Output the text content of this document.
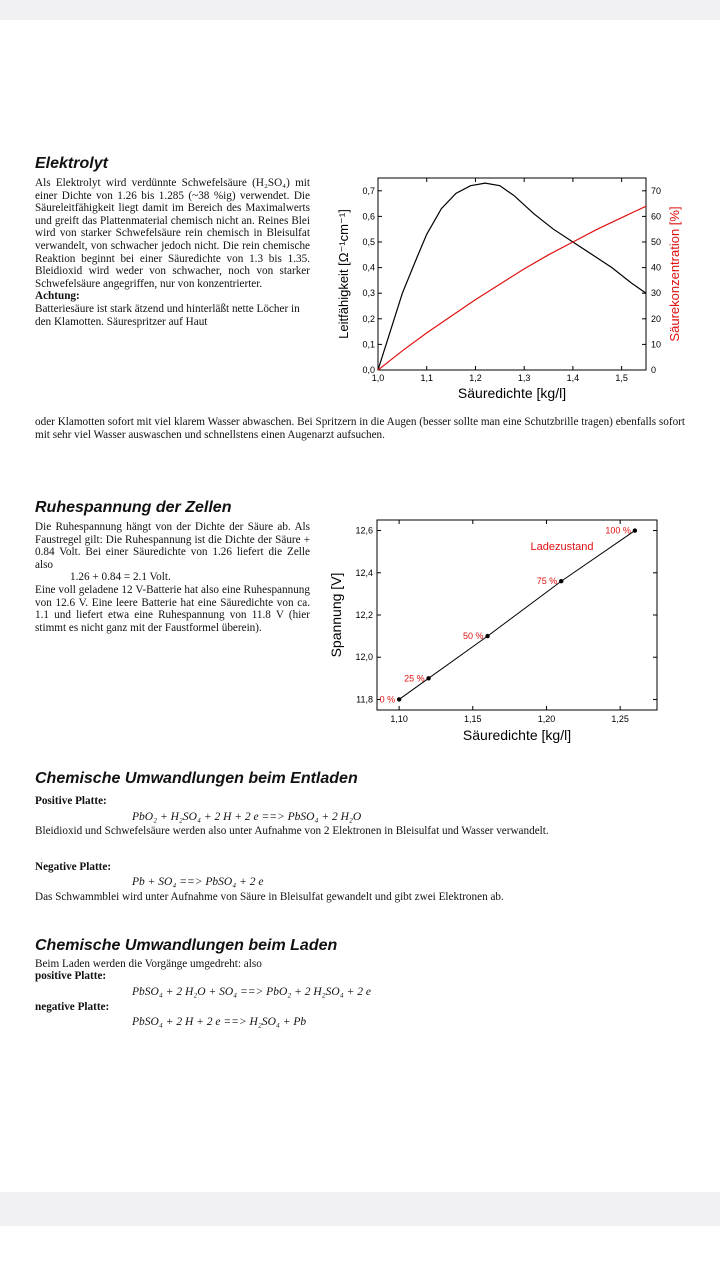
Elektrolyt

Als Elektrolyt wird verdünnte Schwefelsäure (H₂SO₄) mit einer Dichte von 1.26 bis 1.285 (~38 %ig) verwendet. Die Säureleitfähigkeit liegt damit im Bereich des Maximalwerts und greift das Plattenmaterial chemisch nicht an. Reines Blei wird von starker Schwefelsäure rein chemisch in Bleisulfat verwandelt, von schwacher jedoch nicht. Die rein chemische Reaktion beginnt bei einer Säuredichte von 1.3 bis 1.35. Bleidioxid wird weder von schwacher, noch von starker Schwefelsäure angegriffen, nur von konzentrierter.

Achtung:

Batteriesäure ist stark ätzend und hinterläßt nette Löcher in den Klamotten. Säurespritzer auf Haut

oder Klamotten sofort mit viel klarem Wasser abwaschen. Bei Spritzern in die Augen (besser sollte man eine Schutzbrille tragen) ebenfalls sofort mit sehr viel Wasser auswaschen und schnellstens einen Augenarzt aufsuchen.
1,0	1,1	1,2	1,3	1,4	1,5
0,0
0,1
0,2
0,3
0,4
0,5
0,6
0,7
0
10
20
30
40
50
60
70
Säuredichte [kg/l]
Leitfähigkeit [Ω⁻¹cm⁻¹]	Säurekonzentration [%]
Ruhespannung der Zellen

Die Ruhespannung hängt von der Dichte der Säure ab. Als Faustregel gilt: Die Ruhespannung ist die Dichte der Säure + 0.84 Volt. Bei einer Säuredichte von 1.26 liefert die Zelle also

1.26 + 0.84 = 2.1 Volt.

Eine voll geladene 12 V-Batterie hat also eine Ruhespannung von 12.6 V. Eine leere Batterie hat eine Säuredichte von ca. 1.1 und liefert etwa eine Ruhespannung von 11.8 V (hier stimmt es nicht ganz mit der Faustformel überein).

1,10	1,15	1,20	1,25
11,8
12,0
12,2
12,4
12,6
0 %
25 %
50 %
75 %
100 %
Ladezustand
Säuredichte [kg/l]
Spannung [V]
Chemische Umwandlungen beim Entladen
Positive Platte:
PbO₂ + H₂SO₄ + 2 H + 2 e ==> PbSO₄ + 2 H₂O
Bleidioxid und Schwefelsäure werden also unter Aufnahme von 2 Elektronen in Bleisulfat und Wasser verwandelt.
Negative Platte:
Pb + SO₄ ==> PbSO₄ + 2 e
Das Schwammblei wird unter Aufnahme von Säure in Bleisulfat gewandelt und gibt zwei Elektronen ab.
Chemische Umwandlungen beim Laden
Beim Laden werden die Vorgänge umgedreht: also
positive Platte:
PbSO₄ + 2 H₂O + SO₄ ==> PbO₂ + 2 H₂SO₄ + 2 e
negative Platte:
PbSO₄ + 2 H + 2 e ==> H₂SO₄ + Pb
